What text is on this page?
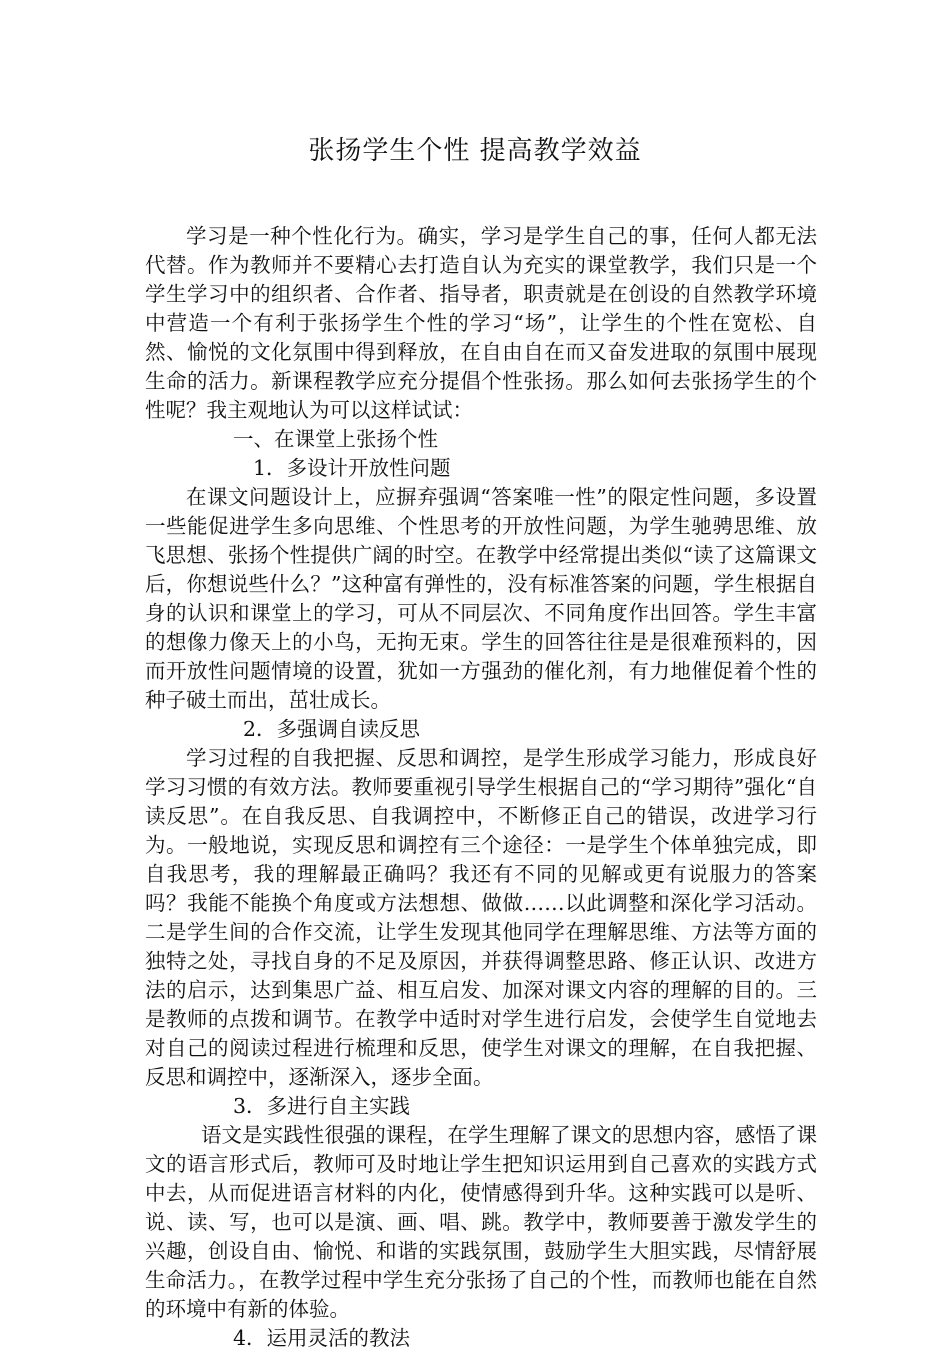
张扬学生个性 提高教学效益

学习是一种个性化行为。确实，学习是学生自己的事，任何人都无法代替。作为教师并不要精心去打造自认为充实的课堂教学，我们只是一个学生学习中的组织者、合作者、指导者，职责就是在创设的自然教学环境中营造一个有利于张扬学生个性的学习“场”，让学生的个性在宽松、自然、愉悦的文化氛围中得到释放，在自由自在而又奋发进取的氛围中展现生命的活力。新课程教学应充分提倡个性张扬。那么如何去张扬学生的个性呢？我主观地认为可以这样试试：

一、在课堂上张扬个性

1．多设计开放性问题

在课文问题设计上，应摒弃强调“答案唯一性”的限定性问题，多设置一些能促进学生多向思维、个性思考的开放性问题，为学生驰骋思维、放飞思想、张扬个性提供广阔的时空。在教学中经常提出类似“读了这篇课文后，你想说些什么？”这种富有弹性的，没有标准答案的问题，学生根据自身的认识和课堂上的学习，可从不同层次、不同角度作出回答。学生丰富的想像力像天上的小鸟，无拘无束。学生的回答往往是是很难预料的，因而开放性问题情境的设置，犹如一方强劲的催化剂，有力地催促着个性的种子破土而出，茁壮成长。

2．多强调自读反思

学习过程的自我把握、反思和调控，是学生形成学习能力，形成良好学习习惯的有效方法。教师要重视引导学生根据自己的“学习期待”强化“自读反思”。在自我反思、自我调控中，不断修正自己的错误，改进学习行为。一般地说，实现反思和调控有三个途径：一是学生个体单独完成，即自我思考，我的理解最正确吗？我还有不同的见解或更有说服力的答案吗？我能不能换个角度或方法想想、做做……以此调整和深化学习活动。二是学生间的合作交流，让学生发现其他同学在理解思维、方法等方面的独特之处，寻找自身的不足及原因，并获得调整思路、修正认识、改进方法的启示，达到集思广益、相互启发、加深对课文内容的理解的目的。三是教师的点拨和调节。在教学中适时对学生进行启发，会使学生自觉地去对自己的阅读过程进行梳理和反思，使学生对课文的理解，在自我把握、反思和调控中，逐渐深入，逐步全面。

3．多进行自主实践

语文是实践性很强的课程，在学生理解了课文的思想内容，感悟了课文的语言形式后，教师可及时地让学生把知识运用到自己喜欢的实践方式中去，从而促进语言材料的内化，使情感得到升华。这种实践可以是听、说、读、写，也可以是演、画、唱、跳。教学中，教师要善于激发学生的兴趣，创设自由、愉悦、和谐的实践氛围，鼓励学生大胆实践，尽情舒展生命活力。，在教学过程中学生充分张扬了自己的个性，而教师也能在自然的环境中有新的体验。

4．运用灵活的教法
